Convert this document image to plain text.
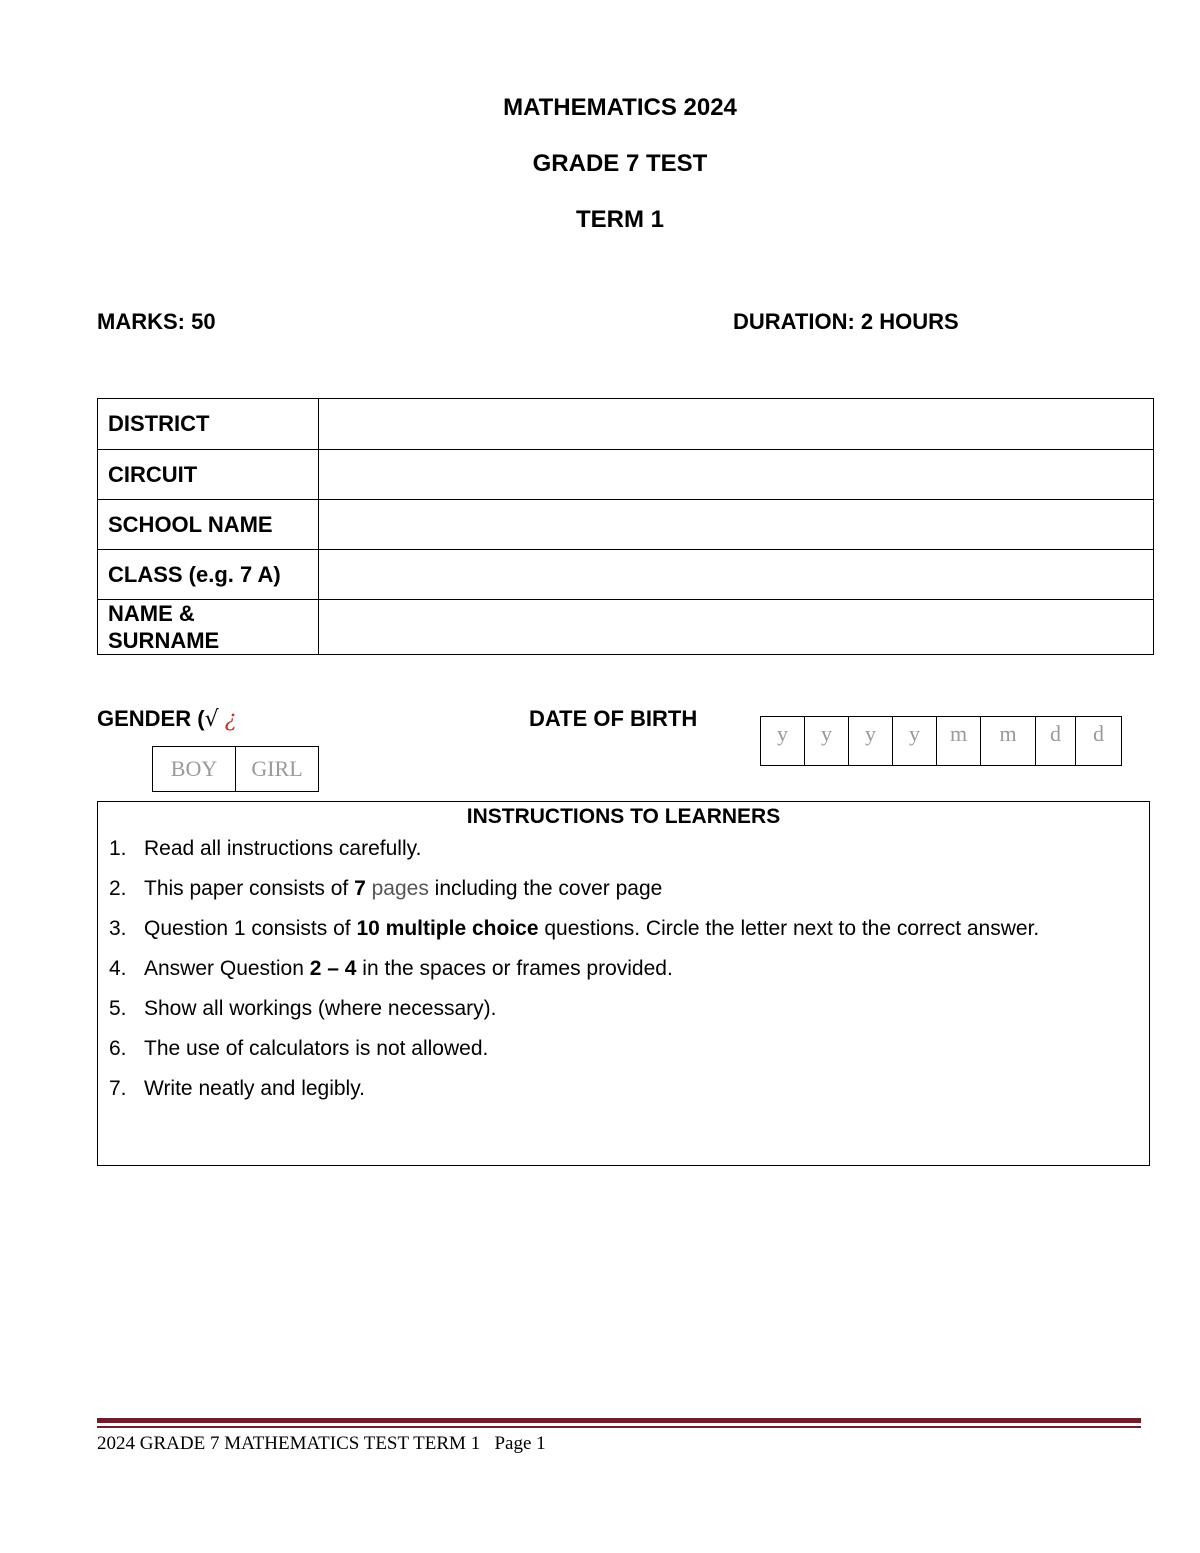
MATHEMATICS 2024
GRADE 7 TEST
TERM 1
MARKS: 50	DURATION: 2 HOURS
DISTRICT	
CIRCUIT	
SCHOOL NAME	
CLASS (e.g. 7 A)	
NAME & SURNAME	
GENDER (√ ¿
BOY	GIRL
DATE OF BIRTH
y	y	y	y	m	m	d	d
INSTRUCTIONS TO LEARNERS
1. Read all instructions carefully.
2. This paper consists of 7 pages including the cover page
3. Question 1 consists of 10 multiple choice questions. Circle the letter next to the correct answer.
4. Answer Question 2 – 4 in the spaces or frames provided.
5. Show all workings (where necessary).
6. The use of calculators is not allowed.
7. Write neatly and legibly.
2024 GRADE 7 MATHEMATICS TEST TERM 1 Page 1
